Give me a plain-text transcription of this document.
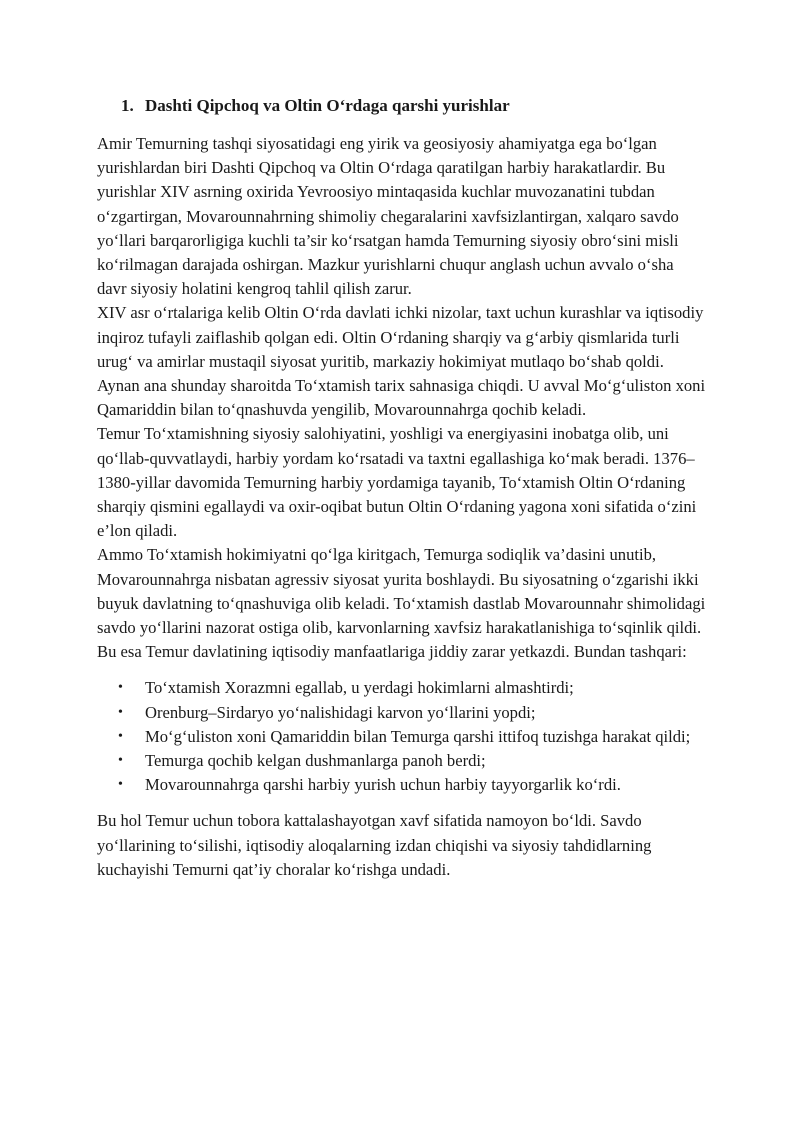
1. Dashti Qipchoq va Oltin O‘rdaga qarshi yurishlar

Amir Temurning tashqi siyosatidagi eng yirik va geosiyosiy ahamiyatga ega bo‘lgan yurishlardan biri Dashti Qipchoq va Oltin O‘rdaga qaratilgan harbiy harakatlardir. Bu yurishlar XIV asrning oxirida Yevroosiyo mintaqasida kuchlar muvozanatini tubdan o‘zgartirgan, Movarounnahrning shimoliy chegaralarini xavfsizlantirgan, xalqaro savdo yo‘llari barqarorligiga kuchli ta’sir ko‘rsatgan hamda Temurning siyosiy obro‘sini misli ko‘rilmagan darajada oshirgan. Mazkur yurishlarni chuqur anglash uchun avvalo o‘sha davr siyosiy holatini kengroq tahlil qilish zarur.

XIV asr o‘rtalariga kelib Oltin O‘rda davlati ichki nizolar, taxt uchun kurashlar va iqtisodiy inqiroz tufayli zaiflashib qolgan edi. Oltin O‘rdaning sharqiy va g‘arbiy qismlarida turli urug‘ va amirlar mustaqil siyosat yuritib, markaziy hokimiyat mutlaqo bo‘shab qoldi. Aynan ana shunday sharoitda To‘xtamish tarix sahnasiga chiqdi. U avval Mo‘g‘uliston xoni Qamariddin bilan to‘qnashuvda yengilib, Movarounnahrga qochib keladi.

Temur To‘xtamishning siyosiy salohiyatini, yoshligi va energiyasini inobatga olib, uni qo‘llab-quvvatlaydi, harbiy yordam ko‘rsatadi va taxtni egallashiga ko‘mak beradi. 1376–1380-yillar davomida Temurning harbiy yordamiga tayanib, To‘xtamish Oltin O‘rdaning sharqiy qismini egallaydi va oxir-oqibat butun Oltin O‘rdaning yagona xoni sifatida o‘zini e’lon qiladi.

Ammo To‘xtamish hokimiyatni qo‘lga kiritgach, Temurga sodiqlik va’dasini unutib, Movarounnahrga nisbatan agressiv siyosat yurita boshlaydi. Bu siyosatning o‘zgarishi ikki buyuk davlatning to‘qnashuviga olib keladi. To‘xtamish dastlab Movarounnahr shimolidagi savdo yo‘llarini nazorat ostiga olib, karvonlarning xavfsiz harakatlanishiga to‘sqinlik qildi. Bu esa Temur davlatining iqtisodiy manfaatlariga jiddiy zarar yetkazdi. Bundan tashqari:

• To‘xtamish Xorazmni egallab, u yerdagi hokimlarni almashtirdi;
• Orenburg–Sirdaryo yo‘nalishidagi karvon yo‘llarini yopdi;
• Mo‘g‘uliston xoni Qamariddin bilan Temurga qarshi ittifoq tuzishga harakat qildi;
• Temurga qochib kelgan dushmanlarga panoh berdi;
• Movarounnahrga qarshi harbiy yurish uchun harbiy tayyorgarlik ko‘rdi.

Bu hol Temur uchun tobora kattalashayotgan xavf sifatida namoyon bo‘ldi. Savdo yo‘llarining to‘silishi, iqtisodiy aloqalarning izdan chiqishi va siyosiy tahdidlarning kuchayishi Temurni qat’iy choralar ko‘rishga undadi.
